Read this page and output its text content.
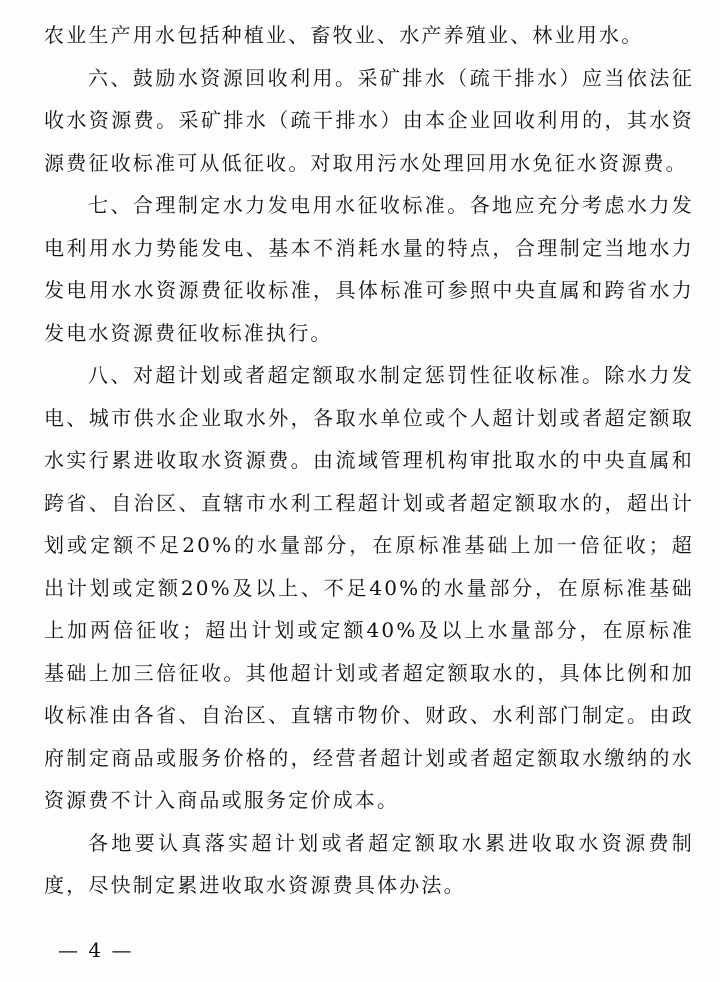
农业生产用水包括种植业、畜牧业、水产养殖业、林业用水。

六、鼓励水资源回收利用。采矿排水（疏干排水）应当依法征收水资源费。采矿排水（疏干排水）由本企业回收利用的，其水资源费征收标准可从低征收。对取用污水处理回用水免征水资源费。

七、合理制定水力发电用水征收标准。各地应充分考虑水力发电利用水力势能发电、基本不消耗水量的特点，合理制定当地水力发电用水水资源费征收标准，具体标准可参照中央直属和跨省水力发电水资源费征收标准执行。

八、对超计划或者超定额取水制定惩罚性征收标准。除水力发电、城市供水企业取水外，各取水单位或个人超计划或者超定额取水实行累进收取水资源费。由流域管理机构审批取水的中央直属和跨省、自治区、直辖市水利工程超计划或者超定额取水的，超出计划或定额不足20%的水量部分，在原标准基础上加一倍征收；超出计划或定额20%及以上、不足40%的水量部分，在原标准基础上加两倍征收；超出计划或定额40%及以上水量部分，在原标准基础上加三倍征收。其他超计划或者超定额取水的，具体比例和加收标准由各省、自治区、直辖市物价、财政、水利部门制定。由政府制定商品或服务价格的，经营者超计划或者超定额取水缴纳的水资源费不计入商品或服务定价成本。

各地要认真落实超计划或者超定额取水累进收取水资源费制度，尽快制定累进收取水资源费具体办法。

— 4 —
